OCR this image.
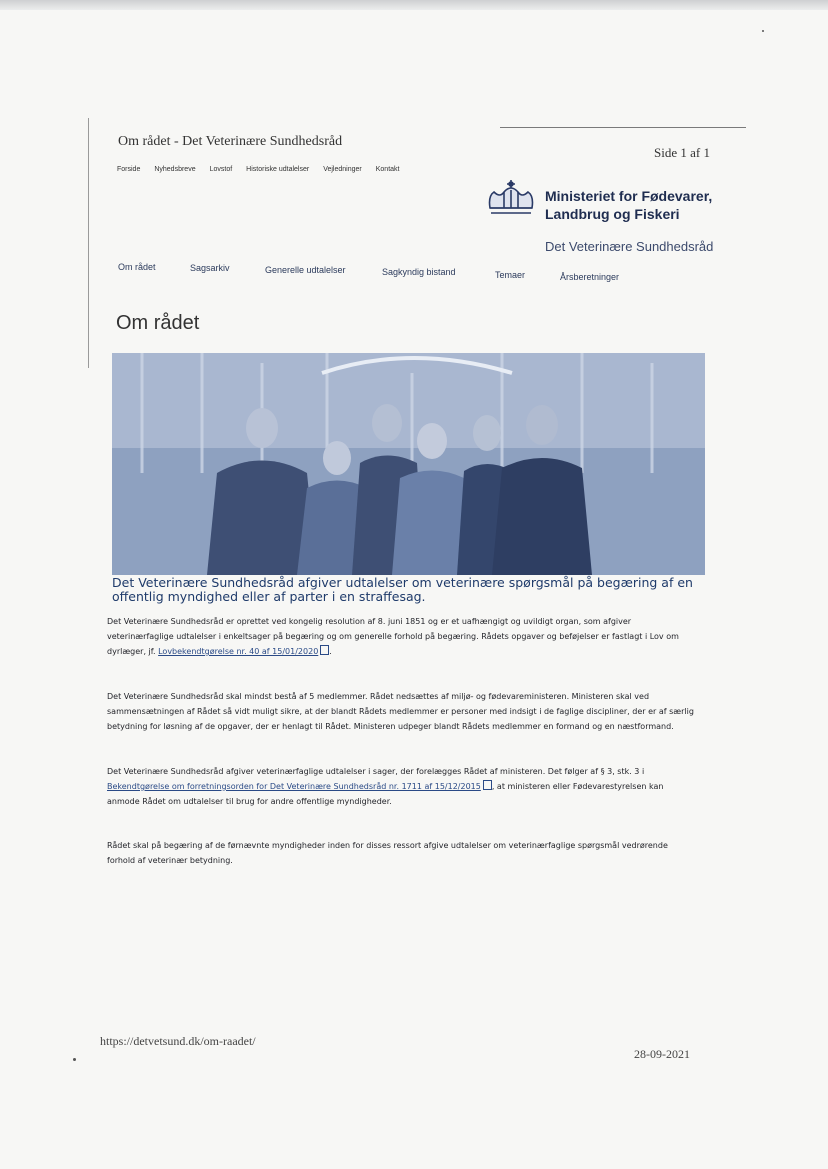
Om rådet - Det Veterinære Sundhedsråd
Side 1 af 1
Forside Nyhedsbreve Lovstof Historiske udtalelser Vejledninger Kontakt
Ministeriet for Fødevarer,
Landbrug og Fiskeri
Det Veterinære Sundhedsråd
Om rådet	Sagsarkiv	Generelle udtalelser	Sagkyndig bistand	Temaer	Årsberetninger
Om rådet
Det Veterinære Sundhedsråd afgiver udtalelser om veterinære spørgsmål på begæring af en offentlig myndighed eller af parter i en straffesag.
Det Veterinære Sundhedsråd er oprettet ved kongelig resolution af 8. juni 1851 og er et uafhængigt og uvildigt organ, som afgiver veterinærfaglige udtalelser i enkeltsager på begæring og om generelle forhold på begæring. Rådets opgaver og beføjelser er fastlagt i Lov om dyrlæger, jf. Lovbekendtgørelse nr. 40 af 15/01/2020 .
Det Veterinære Sundhedsråd skal mindst bestå af 5 medlemmer. Rådet nedsættes af miljø- og fødevareministeren. Ministeren skal ved sammensætningen af Rådet så vidt muligt sikre, at der blandt Rådets medlemmer er personer med indsigt i de faglige discipliner, der er af særlig betydning for løsning af de opgaver, der er henlagt til Rådet. Ministeren udpeger blandt Rådets medlemmer en formand og en næstformand.
Det Veterinære Sundhedsråd afgiver veterinærfaglige udtalelser i sager, der forelægges Rådet af ministeren. Det følger af § 3, stk. 3 i Bekendtgørelse om forretningsorden for Det Veterinære Sundhedsråd nr. 1711 af 15/12/2015 , at ministeren eller Fødevarestyrelsen kan anmode Rådet om udtalelser til brug for andre offentlige myndigheder.
Rådet skal på begæring af de førnævnte myndigheder inden for disses ressort afgive udtalelser om veterinærfaglige spørgsmål vedrørende forhold af veterinær betydning.
https://detvetsund.dk/om-raadet/
28-09-2021
